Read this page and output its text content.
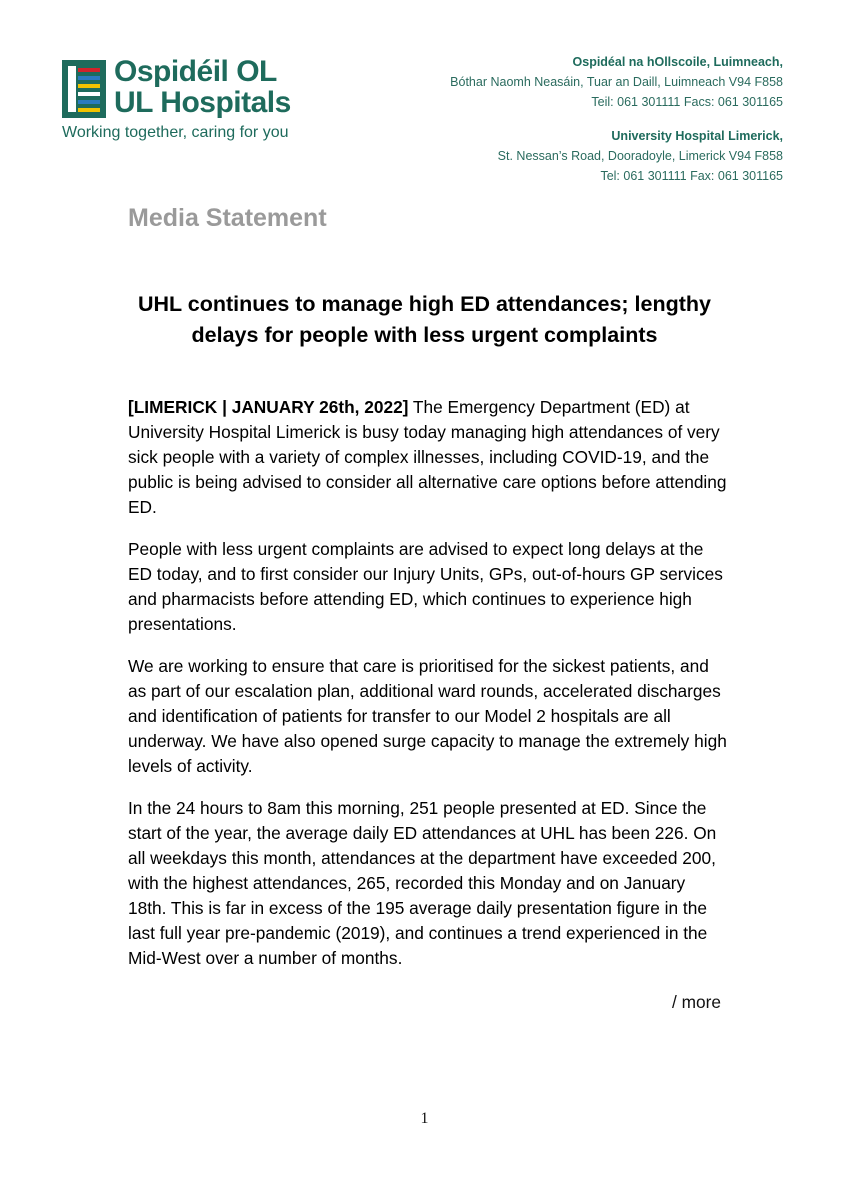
Ospidéil OL
UL Hospitals
Working together, caring for you
Ospidéal na hOllscoile, Luimneach,
Bóthar Naomh Neasáin, Tuar an Daill, Luimneach V94 F858
Teil: 061 301111 Facs: 061 301165
University Hospital Limerick,
St. Nessan’s Road, Dooradoyle, Limerick V94 F858
Tel: 061 301111 Fax: 061 301165
Media Statement
UHL continues to manage high ED attendances; lengthy delays for people with less urgent complaints
[LIMERICK | JANUARY 26th, 2022] The Emergency Department (ED) at University Hospital Limerick is busy today managing high attendances of very sick people with a variety of complex illnesses, including COVID-19, and the public is being advised to consider all alternative care options before attending ED.
People with less urgent complaints are advised to expect long delays at the ED today, and to first consider our Injury Units, GPs, out-of-hours GP services and pharmacists before attending ED, which continues to experience high presentations.
We are working to ensure that care is prioritised for the sickest patients, and as part of our escalation plan, additional ward rounds, accelerated discharges and identification of patients for transfer to our Model 2 hospitals are all underway. We have also opened surge capacity to manage the extremely high levels of activity.
In the 24 hours to 8am this morning, 251 people presented at ED. Since the start of the year, the average daily ED attendances at UHL has been 226. On all weekdays this month, attendances at the department have exceeded 200, with the highest attendances, 265, recorded this Monday and on January 18th. This is far in excess of the 195 average daily presentation figure in the last full year pre-pandemic (2019), and continues a trend experienced in the Mid-West over a number of months.
/ more
1
